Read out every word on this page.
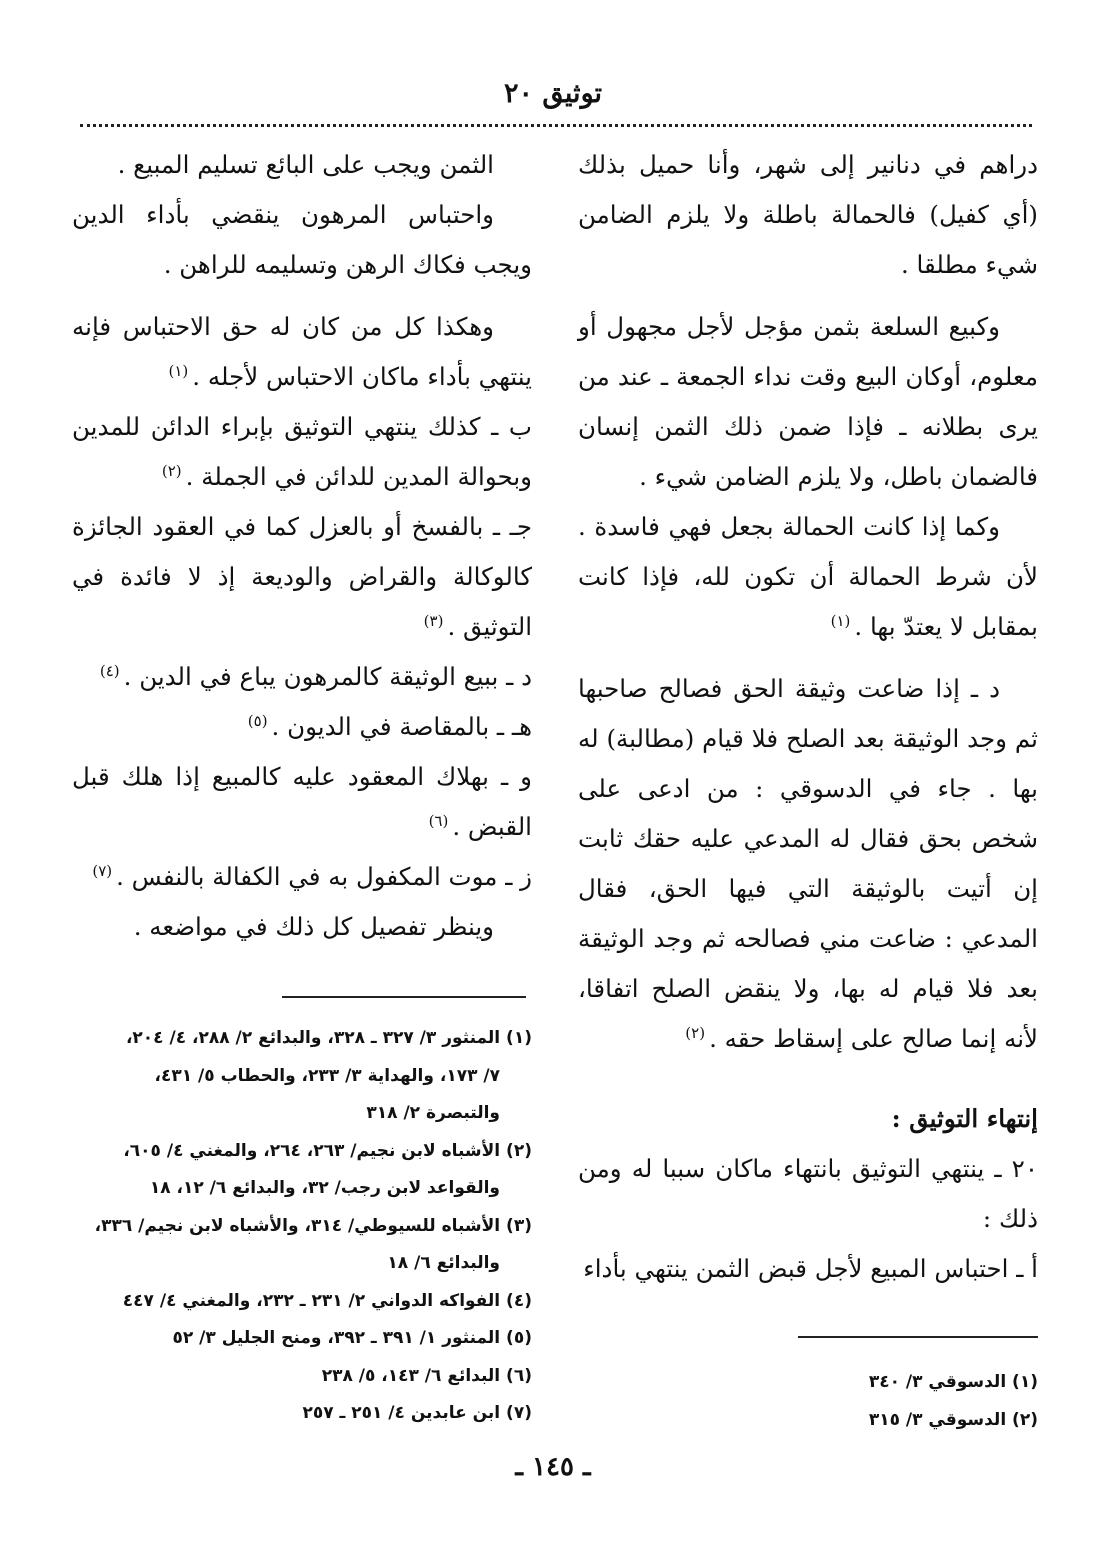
توثيق ٢٠

دراهم في دنانير إلى شهر، وأنا حميل بذلك (أي كفيل) فالحمالة باطلة ولا يلزم الضامن شيء مطلقا .

وكبيع السلعة بثمن مؤجل لأجل مجهول أو معلوم، أوكان البيع وقت نداء الجمعة ـ عند من يرى بطلانه ـ فإذا ضمن ذلك الثمن إنسان فالضمان باطل، ولا يلزم الضامن شيء .

وكما إذا كانت الحمالة بجعل فهي فاسدة . لأن شرط الحمالة أن تكون لله، فإذا كانت بمقابل لا يعتدّ بها .$^{(١)}$

د ـ إذا ضاعت وثيقة الحق فصالح صاحبها ثم وجد الوثيقة بعد الصلح فلا قيام (مطالبة) له بها . جاء في الدسوقي : من ادعى على شخص بحق فقال له المدعي عليه حقك ثابت إن أتيت بالوثيقة التي فيها الحق، فقال المدعي : ضاعت مني فصالحه ثم وجد الوثيقة بعد فلا قيام له بها، ولا ينقض الصلح اتفاقا، لأنه إنما صالح على إسقاط حقه .$^{(٢)}$

إنتهاء التوثيق :

٢٠ ـ ينتهي التوثيق بانتهاء ماكان سببا له ومن ذلك :

أ ـ احتباس المبيع لأجل قبض الثمن ينتهي بأداء

الثمن ويجب على البائع تسليم المبيع .

واحتباس المرهون ينقضي بأداء الدين ويجب فكاك الرهن وتسليمه للراهن .

وهكذا كل من كان له حق الاحتباس فإنه ينتهي بأداء ماكان الاحتباس لأجله .$^{(١)}$

ب ـ كذلك ينتهي التوثيق بإبراء الدائن للمدين وبحوالة المدين للدائن في الجملة .$^{(٢)}$

جـ ـ بالفسخ أو بالعزل كما في العقود الجائزة كالوكالة والقراض والوديعة إذ لا فائدة في التوثيق .$^{(٣)}$

د ـ ببيع الوثيقة كالمرهون يباع في الدين .$^{(٤)}$

هـ ـ بالمقاصة في الديون .$^{(٥)}$

و ـ بهلاك المعقود عليه كالمبيع إذا هلك قبل القبض .$^{(٦)}$

ز ـ موت المكفول به في الكفالة بالنفس .$^{(٧)}$

وينظر تفصيل كل ذلك في مواضعه .

(١) المنثور ٣/ ٣٢٧ ـ ٣٢٨، والبدائع ٢/ ٢٨٨، ٤/ ٢٠٤،

٧/ ١٧٣، والهداية ٣/ ٢٣٣، والحطاب ٥/ ٤٣١،

والتبصرة ٢/ ٣١٨

(٢) الأشباه لابن نجيم/ ٢٦٣، ٢٦٤، والمغني ٤/ ٦٠٥،

والقواعد لابن رجب/ ٣٢، والبدائع ٦/ ١٢، ١٨

(٣) الأشباه للسيوطي/ ٣١٤، والأشباه لابن نجيم/ ٣٣٦،

والبدائع ٦/ ١٨

(٤) الفواكه الدواني ٢/ ٢٣١ ـ ٢٣٢، والمغني ٤/ ٤٤٧

(٥) المنثور ١/ ٣٩١ ـ ٣٩٢، ومنح الجليل ٣/ ٥٢

(٦) البدائع ٦/ ١٤٣، ٥/ ٢٣٨

(٧) ابن عابدين ٤/ ٢٥١ ـ ٢٥٧

(١) الدسوقي ٣/ ٣٤٠

(٢) الدسوقي ٣/ ٣١٥

ـ ١٤٥ ـ
